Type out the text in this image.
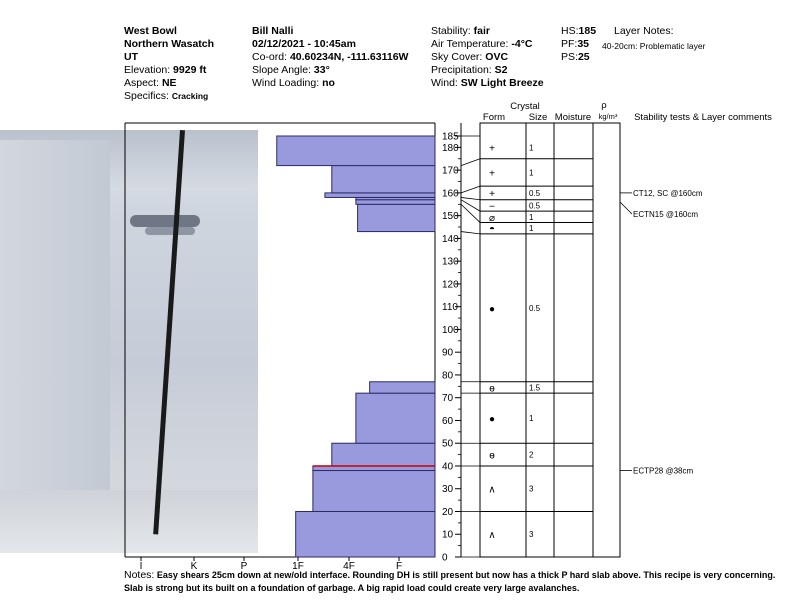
West Bowl
Northern Wasatch
UT
Elevation: 9929 ft
Aspect: NE
Specifics: Cracking
Bill Nalli
02/12/2021 - 10:45am
Co-ord: 40.60234N, -111.63116W
Slope Angle: 33°
Wind Loading: no
Stability: fair
Air Temperature: -4°C
Sky Cover: OVC
Precipitation: S2
Wind: SW Light Breeze
HS:185
PF:35
PS:25
Layer Notes:
40-20cm: Problematic layer
185
180
170
160
150
140
130
120
110
100
90
80
70
60
50
40
30
20
10
0
I	K	P	1F	4F	F
+	1
+	1
+	0.5
−	0.5
⌀	1
◓	1
●	0.5
ɵ	1.5
●	1
ɵ	2
∧	3
∧	3
CT12, SC @160cm
ECTN15 @160cm
ECTP28 @38cm
Crystal
Form Size Moisture
ρ
kg/m³ Stability tests & Layer comments
Notes: Easy shears 25cm down at new/old interface. Rounding DH is still present but now has a thick P hard slab above. This recipe is very concerning. Slab is strong but its built on a foundation of garbage. A big rapid load could create very large avalanches.
